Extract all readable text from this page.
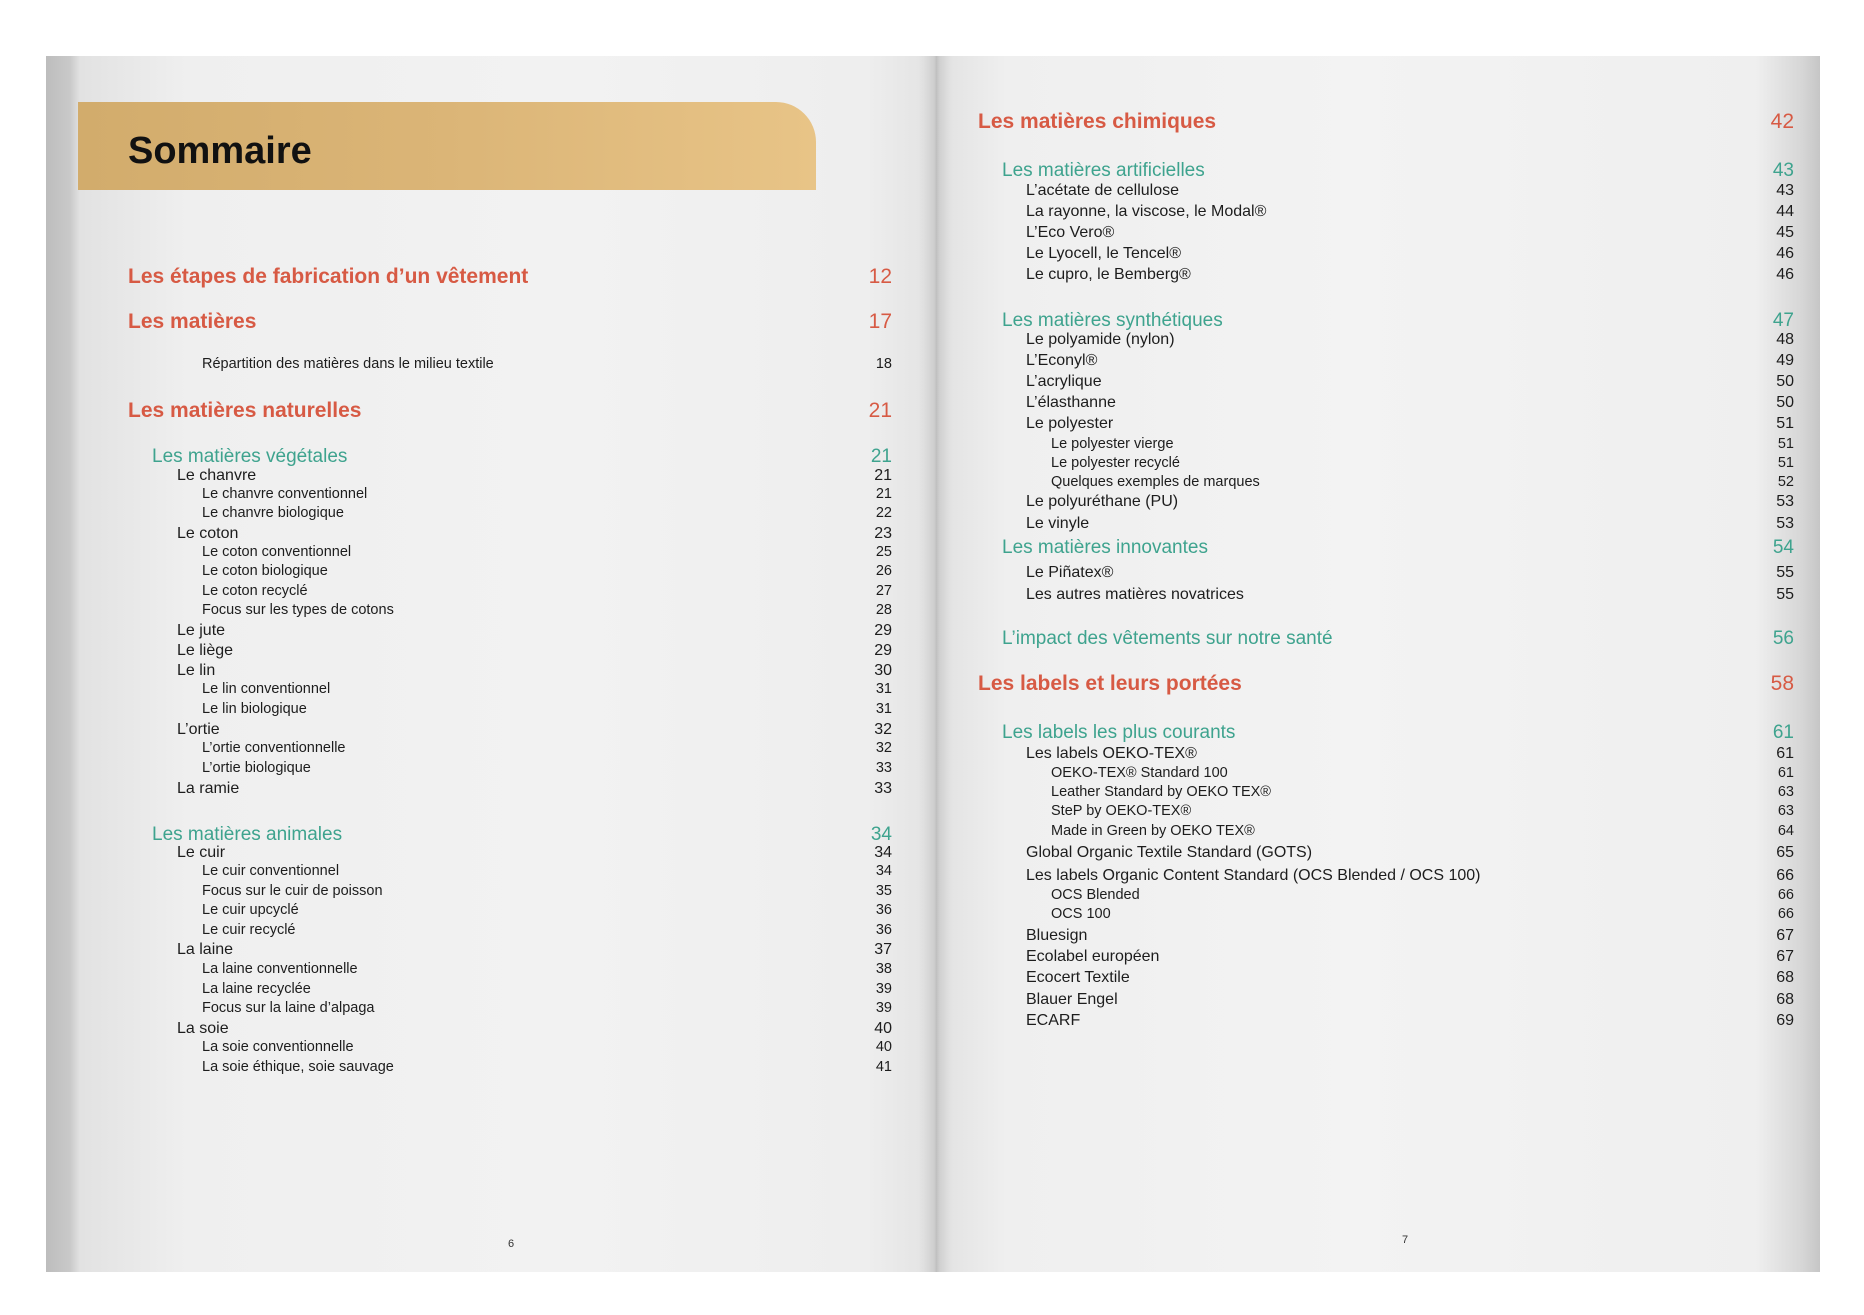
Sommaire
6
Les étapes de fabrication d’un vêtement	12
Les matières	17
Répartition des matières dans le milieu textile	18
Les matières naturelles	21
Les matières végétales	21
Le chanvre	21
Le chanvre conventionnel	21
Le chanvre biologique	22
Le coton	23
Le coton conventionnel	25
Le coton biologique	26
Le coton recyclé	27
Focus sur les types de cotons	28
Le jute	29
Le liège	29
Le lin	30
Le lin conventionnel	31
Le lin biologique	31
L’ortie	32
L’ortie conventionnelle	32
L’ortie biologique	33
La ramie	33
Les matières animales	34
Le cuir	34
Le cuir conventionnel	34
Focus sur le cuir de poisson	35
Le cuir upcyclé	36
Le cuir recyclé	36
La laine	37
La laine conventionnelle	38
La laine recyclée	39
Focus sur la laine d’alpaga	39
La soie	40
La soie conventionnelle	40
La soie éthique, soie sauvage	41
7
Les matières chimiques	42
Les matières artificielles	43
L’acétate de cellulose	43
La rayonne, la viscose, le Modal®	44
L’Eco Vero®	45
Le Lyocell, le Tencel®	46
Le cupro, le Bemberg®	46
Les matières synthétiques	47
Le polyamide (nylon)	48
L’Econyl®	49
L’acrylique	50
L’élasthanne	50
Le polyester	51
Le polyester vierge	51
Le polyester recyclé	51
Quelques exemples de marques	52
Le polyuréthane (PU)	53
Le vinyle	53
Les matières innovantes	54
Le Piñatex®	55
Les autres matières novatrices	55
L’impact des vêtements sur notre santé	56
Les labels et leurs portées	58
Les labels les plus courants	61
Les labels OEKO-TEX®	61
OEKO-TEX® Standard 100	61
Leather Standard by OEKO TEX®	63
SteP by OEKO-TEX®	63
Made in Green by OEKO TEX®	64
Global Organic Textile Standard (GOTS)	65
Les labels Organic Content Standard (OCS Blended / OCS 100)	66
OCS Blended	66
OCS 100	66
Bluesign	67
Ecolabel européen	67
Ecocert Textile	68
Blauer Engel	68
ECARF	69
